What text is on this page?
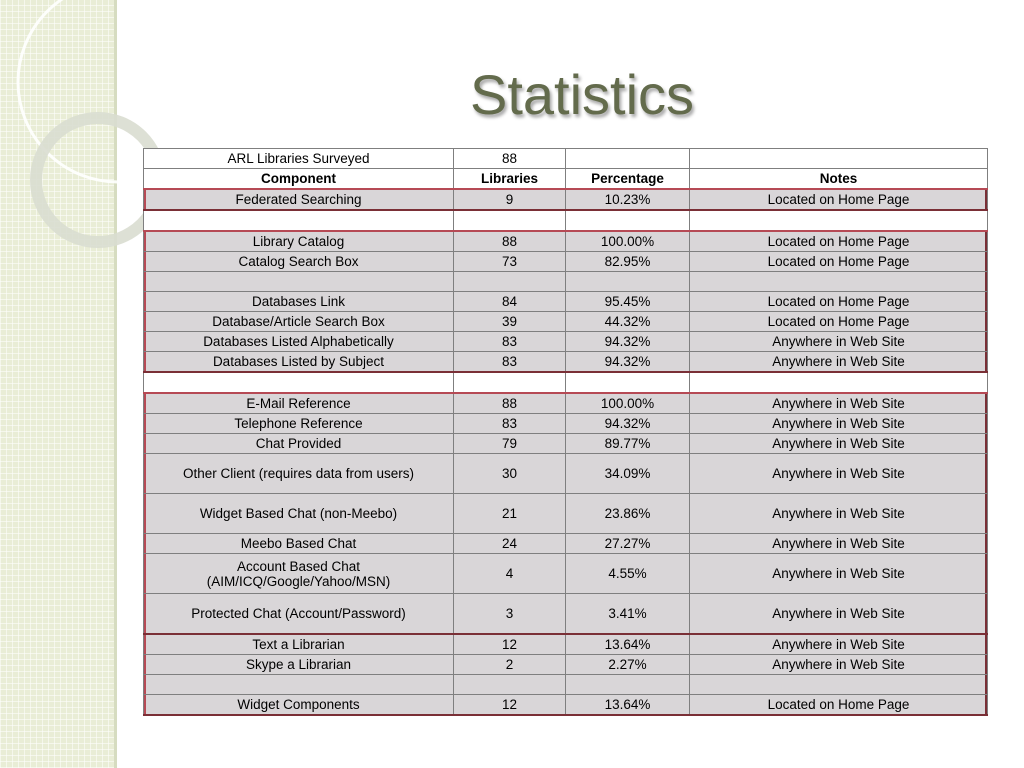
Statistics
ARL Libraries Surveyed	88		
Component	Libraries	Percentage	Notes
Federated Searching	9	10.23%	Located on Home Page

Library Catalog	88	100.00%	Located on Home Page
Catalog Search Box	73	82.95%	Located on Home Page

Databases Link	84	95.45%	Located on Home Page
Database/Article Search Box	39	44.32%	Located on Home Page
Databases Listed Alphabetically	83	94.32%	Anywhere in Web Site
Databases Listed by Subject	83	94.32%	Anywhere in Web Site

E-Mail Reference	88	100.00%	Anywhere in Web Site
Telephone Reference	83	94.32%	Anywhere in Web Site
Chat Provided	79	89.77%	Anywhere in Web Site
Other Client (requires data from users)	30	34.09%	Anywhere in Web Site
Widget Based Chat (non-Meebo)	21	23.86%	Anywhere in Web Site
Meebo Based Chat	24	27.27%	Anywhere in Web Site
Account Based Chat (AIM/ICQ/Google/Yahoo/MSN)	4	4.55%	Anywhere in Web Site
Protected Chat (Account/Password)	3	3.41%	Anywhere in Web Site
Text a Librarian	12	13.64%	Anywhere in Web Site
Skype a Librarian	2	2.27%	Anywhere in Web Site

Widget Components	12	13.64%	Located on Home Page
